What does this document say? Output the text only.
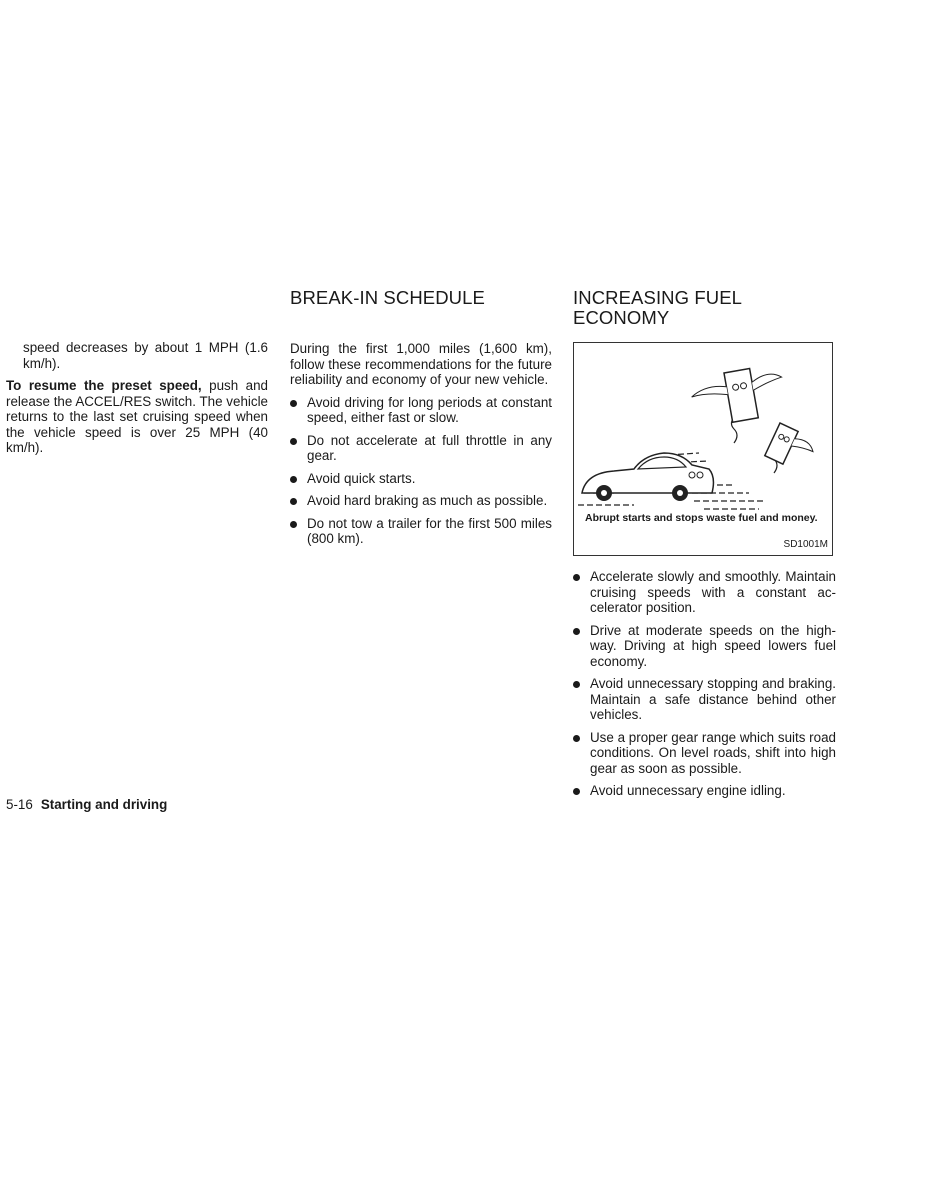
speed decreases by about 1 MPH (1.6 km/h).

To resume the preset speed, push and release the ACCEL/RES switch. The vehicle returns to the last set cruising speed when the vehicle speed is over 25 MPH (40 km/h).

BREAK-IN SCHEDULE

During the first 1,000 miles (1,600 km), follow these recommendations for the future reliability and economy of your new vehicle.

Avoid driving for long periods at constant speed, either fast or slow.
Do not accelerate at full throttle in any gear.
Avoid quick starts.
Avoid hard braking as much as possible.
Do not tow a trailer for the first 500 miles (800 km).
INCREASING FUEL
ECONOMY
Abrupt starts and stops waste fuel and money.
SD1001M
Accelerate slowly and smoothly. Maintain cruising speeds with a constant accelerator position.
Drive at moderate speeds on the highway. Driving at high speed lowers fuel economy.
Avoid unnecessary stopping and braking. Maintain a safe distance behind other vehicles.
Use a proper gear range which suits road conditions. On level roads, shift into high gear as soon as possible.
Avoid unnecessary engine idling.
5-16 Starting and driving
